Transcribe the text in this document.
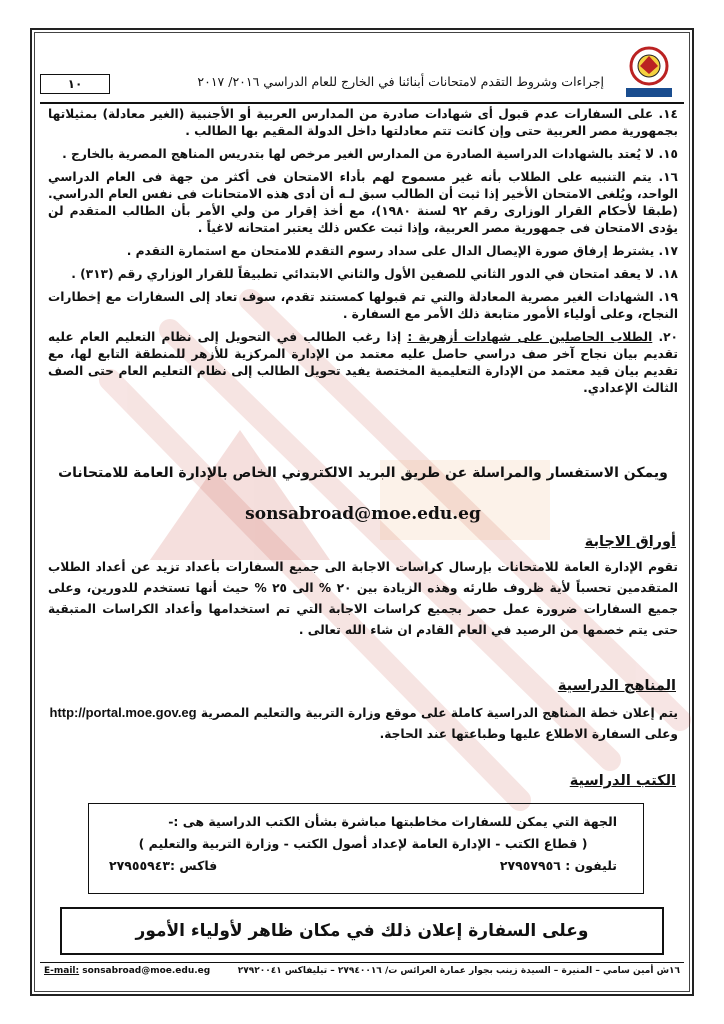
إجراءات وشروط التقدم لامتحانات أبنائنا في الخارج للعام الدراسي ٢٠١٦/ ٢٠١٧
١٠
١٤. على السفارات عدم قبول أى شهادات صادرة من المدارس العربية أو الأجنبية (الغير معادلة) بمثيلاتها بجمهورية مصر العربية حتى وإن كانت تتم معادلتها داخل الدولة المقيم بها الطالب .
١٥. لا يُعتد بالشهادات الدراسية الصادرة من المدارس الغير مرخص لها بتدريس المناهج المصرية بالخارج .
١٦. يتم التنبيه على الطلاب بأنه غير مسموح لهم بأداء الامتحان فى أكثر من جهة فى العام الدراسي الواحد، ويُلغى الامتحان الأخير إذا ثبت أن الطالب سبق لـه أن أدى هذه الامتحانات فى نفس العام الدراسي. (طبقا لأحكام القرار الوزارى رقم ٩٢ لسنة ١٩٨٠)، مع أخذ إقرار من ولي الأمر بأن الطالب المتقدم لن يؤدى الامتحان فى جمهورية مصر العربية، وإذا ثبت عكس ذلك يعتبر امتحانه لاغياً .
١٧. يشترط إرفاق صورة الإيصال الدال على سداد رسوم التقدم للامتحان مع استمارة التقدم .
١٨. لا يعقد امتحان في الدور الثاني للصفين الأول والثاني الابتدائي تطبيقاً للقرار الوزاري رقم (٣١٣) .
١٩. الشهادات الغير مصرية المعادلة والتي تم قبولها كمستند تقدم، سوف تعاد إلى السفارات مع إخطارات النجاح، وعلى أولياء الأمور متابعة ذلك الأمر مع السفارة .
٢٠. الطلاب الحاصلين على شهادات أزهرية : إذا رغب الطالب في التحويل إلى نظام التعليم العام عليه تقديم بيان نجاح آخر صف دراسي حاصل عليه معتمد من الإدارة المركزية للأزهر للمنطقة التابع لها، مع تقديم بيان قيد معتمد من الإدارة التعليمية المختصة يفيد تحويل الطالب إلى نظام التعليم العام حتى الصف الثالث الإعدادي.
ويمكن الاستفسار والمراسلة عن طريق البريد الالكتروني الخاص بالإدارة العامة للامتحانات
sonsabroad@moe.edu.eg
أوراق الاجابة
تقوم الإدارة العامة للامتحانات بإرسال كراسات الاجابة الى جميع السفارات بأعداد تزيد عن أعداد الطلاب المتقدمين تحسباً لأية ظروف طارئه وهذه الزيادة بين ٢٠ % الى ٢٥ % حيث أنها تستخدم للدورين، وعلى جميع السفارات ضرورة عمل حصر بجميع كراسات الاجابة التي تم استخدامها وأعداد الكراسات المتبقية حتى يتم خصمها من الرصيد في العام القادم ان شاء الله تعالى .
المناهج الدراسية
يتم إعلان خطة المناهج الدراسية كاملة على موقع وزارة التربية والتعليم المصرية http://portal.moe.gov.eg
وعلى السفارة الاطلاع عليها وطباعتها عند الحاجة.
الكتب الدراسية
الجهة التي يمكن للسفارات مخاطبتها مباشرة بشأن الكتب الدراسية هى :-
( قطاع الكتب - الإدارة العامة لإعداد أصول الكتب - وزارة التربية والتعليم )
تليفون : ٢٧٩٥٧٩٥٦
فاكس :٢٧٩٥٥٩٤٣
وعلى السفارة إعلان ذلك في مكان ظاهر لأولياء الأمور
١٦ش أمين سامي – المنيرة – السيدة زينب بجوار عمارة العرائس ت/ ٢٧٩٤٠٠١٦ – تيليفاكس ٢٧٩٢٠٠٤١
E-mail: sonsabroad@moe.edu.eg
